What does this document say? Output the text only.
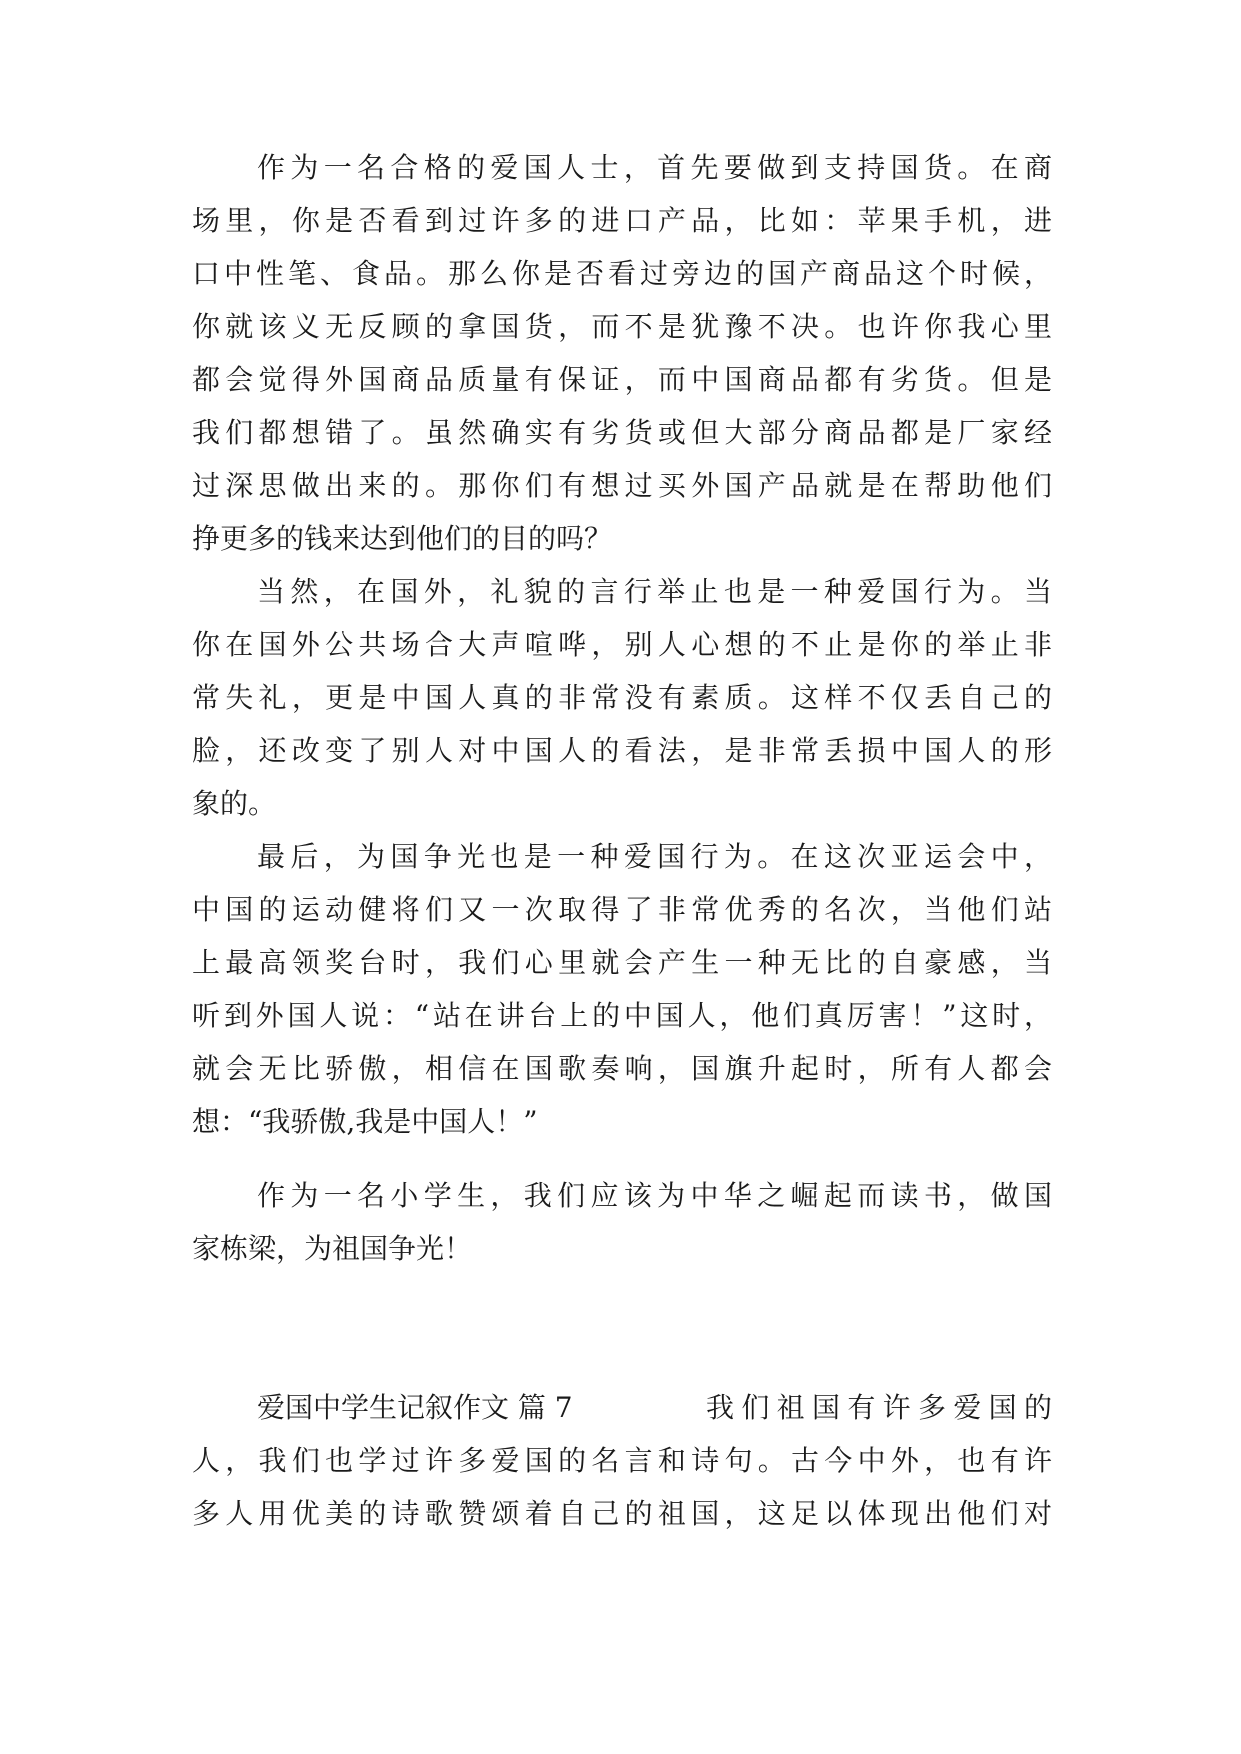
作为一名合格的爱国人士，首先要做到支持国货。在商

场里，你是否看到过许多的进口产品，比如：苹果手机，进

口中性笔、食品。那么你是否看过旁边的国产商品这个时候，

你就该义无反顾的拿国货，而不是犹豫不决。也许你我心里

都会觉得外国商品质量有保证，而中国商品都有劣货。但是

我们都想错了。虽然确实有劣货或但大部分商品都是厂家经

过深思做出来的。那你们有想过买外国产品就是在帮助他们

挣更多的钱来达到他们的目的吗？

当然，在国外，礼貌的言行举止也是一种爱国行为。当

你在国外公共场合大声喧哗，别人心想的不止是你的举止非

常失礼，更是中国人真的非常没有素质。这样不仅丢自己的

脸，还改变了别人对中国人的看法，是非常丢损中国人的形

象的。

最后，为国争光也是一种爱国行为。在这次亚运会中，

中国的运动健将们又一次取得了非常优秀的名次，当他们站

上最高领奖台时，我们心里就会产生一种无比的自豪感，当

听到外国人说：“站在讲台上的中国人，他们真厉害！”这时，

就会无比骄傲，相信在国歌奏响，国旗升起时，所有人都会

想：“我骄傲,我是中国人！”

作为一名小学生，我们应该为中华之崛起而读书，做国

家栋梁，为祖国争光！

爱国中学生记叙作文 篇 7	我们祖国有许多爱国的

人，我们也学过许多爱国的名言和诗句。古今中外，也有许

多人用优美的诗歌赞颂着自己的祖国，这足以体现出他们对
